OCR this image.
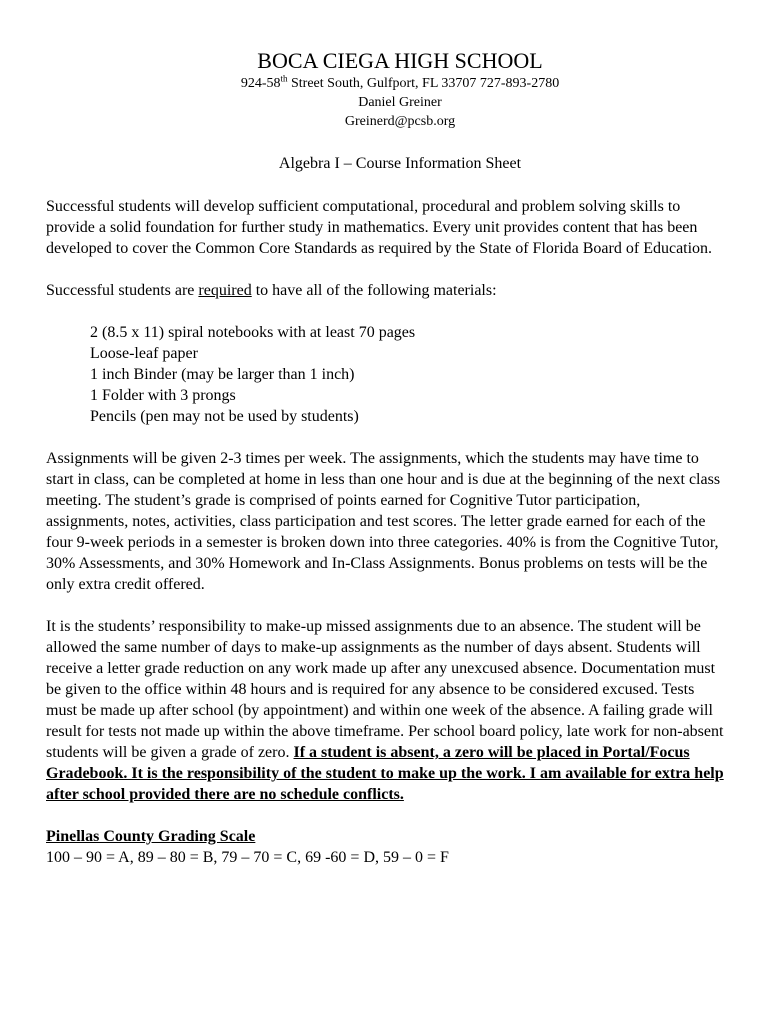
BOCA CIEGA HIGH SCHOOL
924-58th Street South, Gulfport, FL 33707 727-893-2780
Daniel Greiner
Greinerd@pcsb.org
Algebra I – Course Information Sheet

Successful students will develop sufficient computational, procedural and problem solving skills to provide a solid foundation for further study in mathematics. Every unit provides content that has been developed to cover the Common Core Standards as required by the State of Florida Board of Education.

Successful students are required to have all of the following materials:

2 (8.5 x 11) spiral notebooks with at least 70 pages
Loose-leaf paper
1 inch Binder (may be larger than 1 inch)
1 Folder with 3 prongs
Pencils (pen may not be used by students)

Assignments will be given 2-3 times per week. The assignments, which the students may have time to start in class, can be completed at home in less than one hour and is due at the beginning of the next class meeting. The student’s grade is comprised of points earned for Cognitive Tutor participation, assignments, notes, activities, class participation and test scores. The letter grade earned for each of the four 9-week periods in a semester is broken down into three categories. 40% is from the Cognitive Tutor, 30% Assessments, and 30% Homework and In-Class Assignments. Bonus problems on tests will be the only extra credit offered.

It is the students’ responsibility to make-up missed assignments due to an absence. The student will be allowed the same number of days to make-up assignments as the number of days absent. Students will receive a letter grade reduction on any work made up after any unexcused absence. Documentation must be given to the office within 48 hours and is required for any absence to be considered excused. Tests must be made up after school (by appointment) and within one week of the absence. A failing grade will result for tests not made up within the above timeframe. Per school board policy, late work for non-absent students will be given a grade of zero. If a student is absent, a zero will be placed in Portal/Focus Gradebook. It is the responsibility of the student to make up the work. I am available for extra help after school provided there are no schedule conflicts.

Pinellas County Grading Scale

100 – 90 = A, 89 – 80 = B, 79 – 70 = C, 69 -60 = D, 59 – 0 = F
